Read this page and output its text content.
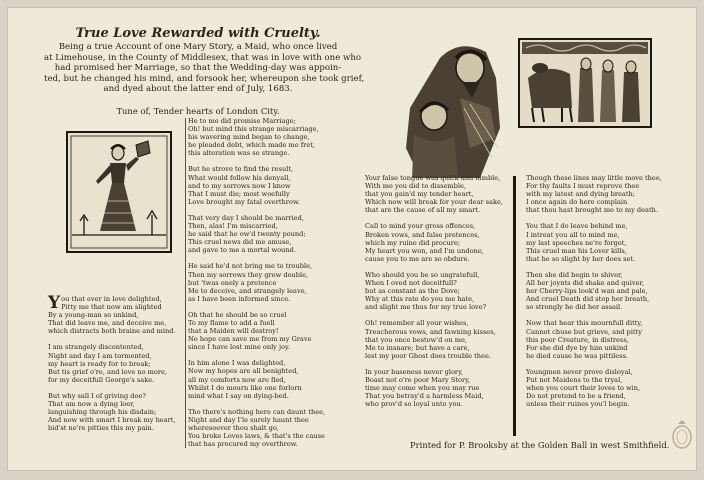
True Love Rewarded with Cruelty.
Being a true Account of one Mary Story, a Maid, who once lived
at Limehouse, in the County of Middlesex, that was in love with one who
had promised her Marriage, so that the Wedding-day was appoin-
ted, but he changed his mind, and forsook her, whereupon she took grief,
and dyed about the latter end of July, 1683.
Tune of, Tender hearts of London City.
Y ou that ever in love delighted,
Pitty me that now am slighted
By a young-man so unkind,
That did leave me, and deceive me,
which distracts both braine and mind.
I am strangely discontented,
Night and day I am tormented,
my heart is ready for to break;
But tis grief o're, and love no more,
for my deceitfull George's sake.
But why sall I of griving doe?
That am now a dying loer,
languishing through his disdain;
And now with smart I break my heart,
bid'st ne're pitties this my pain.
He to me did promise Marriage;
Oh! but mind this strange miscarriage,
his wavering mind began to change,
he pleaded debt, which made me fret,
this alteration was so strange.
But he strove to find the result,
What would follow his denyall,
and to my sorrows now I know
That I must die; most woefully
Love brought my fatal overthrow.
That very day I should be married,
Then, alas! I'm miscarried,
he said that he ow'd twenty pound;
This cruel news did me amuse,
and gave to me a mortal wound.
He said he'd not bring me to trouble,
Then my sorrows they grew double,
but 'twas onely a pretence
Me to deceive, and strangely leave,
as I have been informed since.
Oh that he should be so cruel
To my flame to add a fuell
that a Maiden will destroy!
No hope can save me from my Grave
since I have lost mine only joy.
In him alone I was delighted,
Now my hopes are all benighted,
all my comforts now are fled,
Whilst I do mourn like one forlorn
mind what I say on dying-bed.
Tho there's nothing here can daunt thee,
Night and day I'le surely haunt thee
wheresoever thou shalt go,
You broke Loves laws, & that's the cause
that has procured my overthrow.
Your false tongue was quick and nimble,
With me you did to dissemble,
that you gain'd my tender heart,
Which now will break for your dear sake,
that are the cause of all my smart.
Call to mind your gross offences,
Broken vows, and false pretences,
which my ruine did procure;
My heart you won, and I'm undone,
cause you to me are so obdure.
Who should you be so ungratefull,
When I oved not deceitfull?
but as constant as the Dove;
Why at this rate do you me hate,
and slight me thus for my true love?
Oh! remember all your wishes,
Treacherous vows, and fawning kisses,
that you once bestow'd on me,
Me to insnare; but have a care,
lest my poor Ghost does trouble thee.
In your baseness never glory,
Boast not o're poor Mary Story,
time may come when you may rue
That you betray'd a harmless Maid,
who prov'd so loyal unto you.
Though these lines may little move thee,
For thy faults I must reprove thee
with my latest and dying breath;
I once again do here complain
that thou hast brought me to my death.
You that I do leave behind me,
I intreat you all to mind me,
my last speeches ne're forget,
This cruel man his Lover kills,
that he so slight by her does set.
Then she did begin to shiver,
All her joynts did shake and quiver,
her Cherry-lips look'd wan and pale,
And cruel Death did stop her breath,
so strongly he did her assail.
Now that hear this mournfull ditty,
Cannot chuse but grieve, and pitty
this poor Creature, in distress,
For she did dye by him unkind
he died cause he was pittiless.
Youngmen never prove disloyal,
Put not Maidens to the tryal,
when you court their loves to win,
Do not pretend to be a friend,
unless their ruines you'l begin.
Printed for P. Brooksby at the Golden Ball in west Smithfield.
